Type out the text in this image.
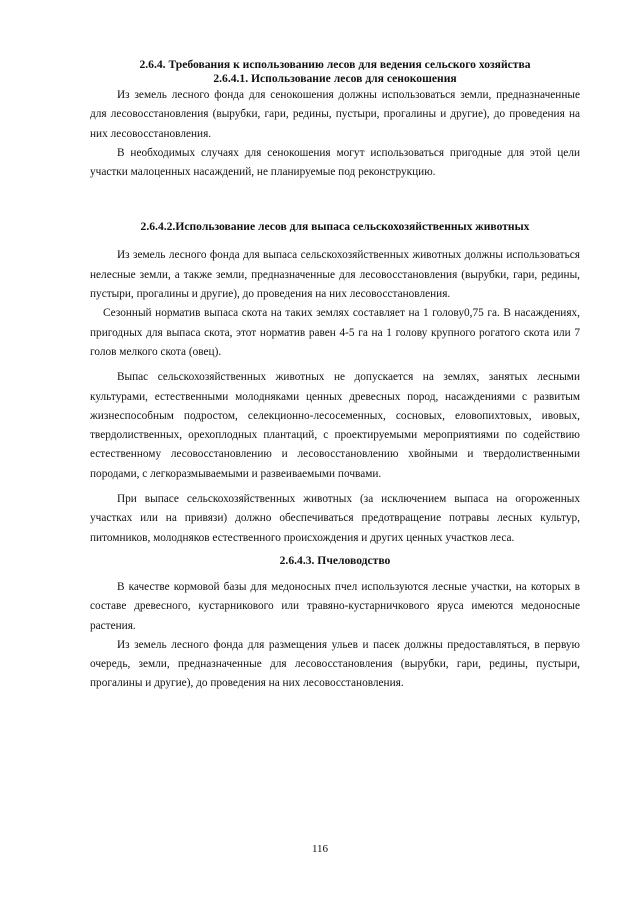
2.6.4. Требования к использованию лесов для ведения сельского хозяйства

2.6.4.1. Использование лесов для сенокошения

Из земель лесного фонда для сенокошения должны использоваться земли, предназначенные для лесовосстановления (вырубки, гари, редины, пустыри, прогалины и другие), до проведения на них лесовосстановления.

В необходимых случаях для сенокошения могут использоваться пригодные для этой цели участки малоценных насаждений, не планируемые под реконструкцию.

2.6.4.2.Использование лесов для выпаса сельскохозяйственных животных

Из земель лесного фонда для выпаса сельскохозяйственных животных должны использоваться нелесные земли, а также земли, предназначенные для лесовосстановления (вырубки, гари, редины, пустыри, прогалины и другие), до проведения на них лесовосстановления.

Сезонный норматив выпаса скота на таких землях составляет на 1 голову0,75 га. В насаждениях, пригодных для выпаса скота, этот норматив равен 4-5 га на 1 голову крупного рогатого скота или 7 голов мелкого скота (овец).

Выпас сельскохозяйственных животных не допускается на землях, занятых лесными культурами, естественными молодняками ценных древесных пород, насаждениями с развитым жизнеспособным подростом, селекционно-лесосеменных, сосновых, еловопихтовых, ивовых, твердолиственных, орехоплодных плантаций, с проектируемыми мероприятиями по содействию естественному лесовосстановлению и лесовосстановлению хвойными и твердолиственными породами, с легкоразмываемыми и развеиваемыми почвами.

При выпасе сельскохозяйственных животных (за исключением выпаса на огороженных участках или на привязи) должно обеспечиваться предотвращение потравы лесных культур, питомников, молодняков естественного происхождения и других ценных участков леса.

2.6.4.3. Пчеловодство

В качестве кормовой базы для медоносных пчел используются лесные участки, на которых в составе древесного, кустарникового или травяно-кустарничкового яруса имеются медоносные растения.

Из земель лесного фонда для размещения ульев и пасек должны предоставляться, в первую очередь, земли, предназначенные для лесовосстановления (вырубки, гари, редины, пустыри, прогалины и другие), до проведения на них лесовосстановления.

116
